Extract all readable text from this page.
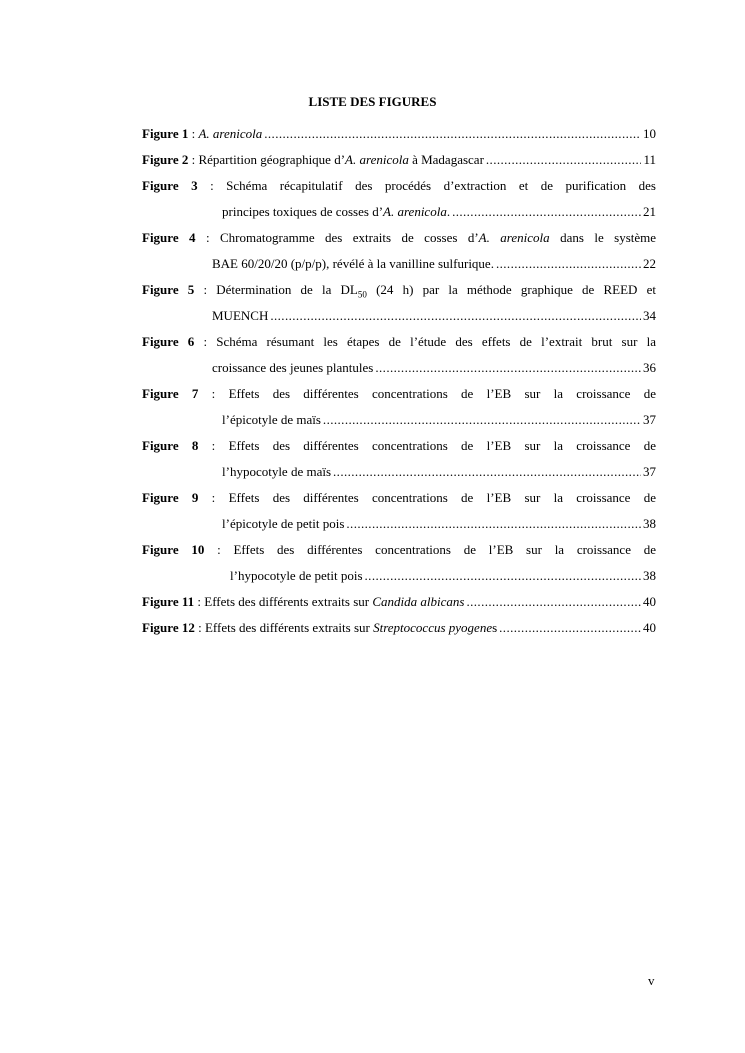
LISTE DES FIGURES
Figure 1 : A. arenicola .....	10
Figure 2 : Répartition géographique d’A. arenicola à Madagascar .....	11
Figure 3 : Schéma récapitulatif des procédés d’extraction et de purification des
principes toxiques de cosses d’A. arenicola. .....	21
Figure 4 : Chromatogramme des extraits de cosses d’A. arenicola dans le système
BAE 60/20/20 (p/p/p), révélé à la vanilline sulfurique. .....	22
Figure 5 : Détermination de la $DL_{50}$ (24 h) par la méthode graphique de REED et
MUENCH .....	34
Figure 6 : Schéma résumant les étapes de l’étude des effets de l’extrait brut sur la
croissance des jeunes plantules .....	36
Figure 7 : Effets des différentes concentrations de l’EB sur la croissance de
l’épicotyle de maïs .....	37
Figure 8 : Effets des différentes concentrations de l’EB sur la croissance de
l’hypocotyle de maïs .....	37
Figure 9 : Effets des différentes concentrations de l’EB sur la croissance de
l’épicotyle de petit pois .....	38
Figure 10 : Effets des différentes concentrations de l’EB sur la croissance de
l’hypocotyle de petit pois .....	38
Figure 11 : Effets des différents extraits sur Candida albicans .....	40
Figure 12 : Effets des différents extraits sur Streptococcus pyogenes .....	40
v
